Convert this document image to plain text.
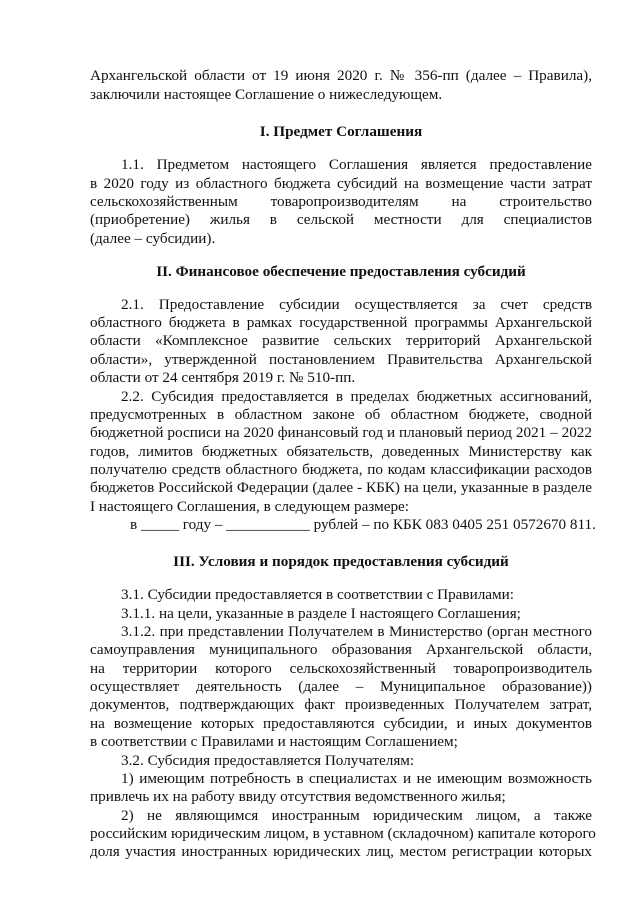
Архангельской области от 19 июня 2020 г. № 356-пп (далее – Правила),
заключили настоящее Соглашение о нижеследующем.
I. Предмет Соглашения
1.1. Предметом настоящего Соглашения является предоставление
в 2020 году из областного бюджета субсидий на возмещение части затрат
сельскохозяйственным товаропроизводителям на строительство
(приобретение) жилья в сельской местности для специалистов
(далее – субсидии).
II. Финансовое обеспечение предоставления субсидий
2.1. Предоставление субсидии осуществляется за счет средств
областного бюджета в рамках государственной программы Архангельской
области «Комплексное развитие сельских территорий Архангельской
области», утвержденной постановлением Правительства Архангельской
области от 24 сентября 2019 г. № 510-пп.
2.2. Субсидия предоставляется в пределах бюджетных ассигнований,
предусмотренных в областном законе об областном бюджете, сводной
бюджетной росписи на 2020 финансовый год и плановый период 2021 – 2022
годов, лимитов бюджетных обязательств, доведенных Министерству как
получателю средств областного бюджета, по кодам классификации расходов
бюджетов Российской Федерации (далее - КБК) на цели, указанные в разделе
I настоящего Соглашения, в следующем размере:
в _____ году – ___________ рублей – по КБК 083 0405 251 0572670 811.
III. Условия и порядок предоставления субсидий
3.1. Субсидии предоставляется в соответствии с Правилами:
3.1.1. на цели, указанные в разделе I настоящего Соглашения;
3.1.2. при представлении Получателем в Министерство (орган местного
самоуправления муниципального образования Архангельской области,
на территории которого сельскохозяйственный товаропроизводитель
осуществляет деятельность (далее – Муниципальное образование))
документов, подтверждающих факт произведенных Получателем затрат,
на возмещение которых предоставляются субсидии, и иных документов
в соответствии с Правилами и настоящим Соглашением;
3.2. Субсидия предоставляется Получателям:
1) имеющим потребность в специалистах и не имеющим возможность
привлечь их на работу ввиду отсутствия ведомственного жилья;
2) не являющимся иностранным юридическим лицом, а также
российским юридическим лицом, в уставном (складочном) капитале которого
доля участия иностранных юридических лиц, местом регистрации которых
